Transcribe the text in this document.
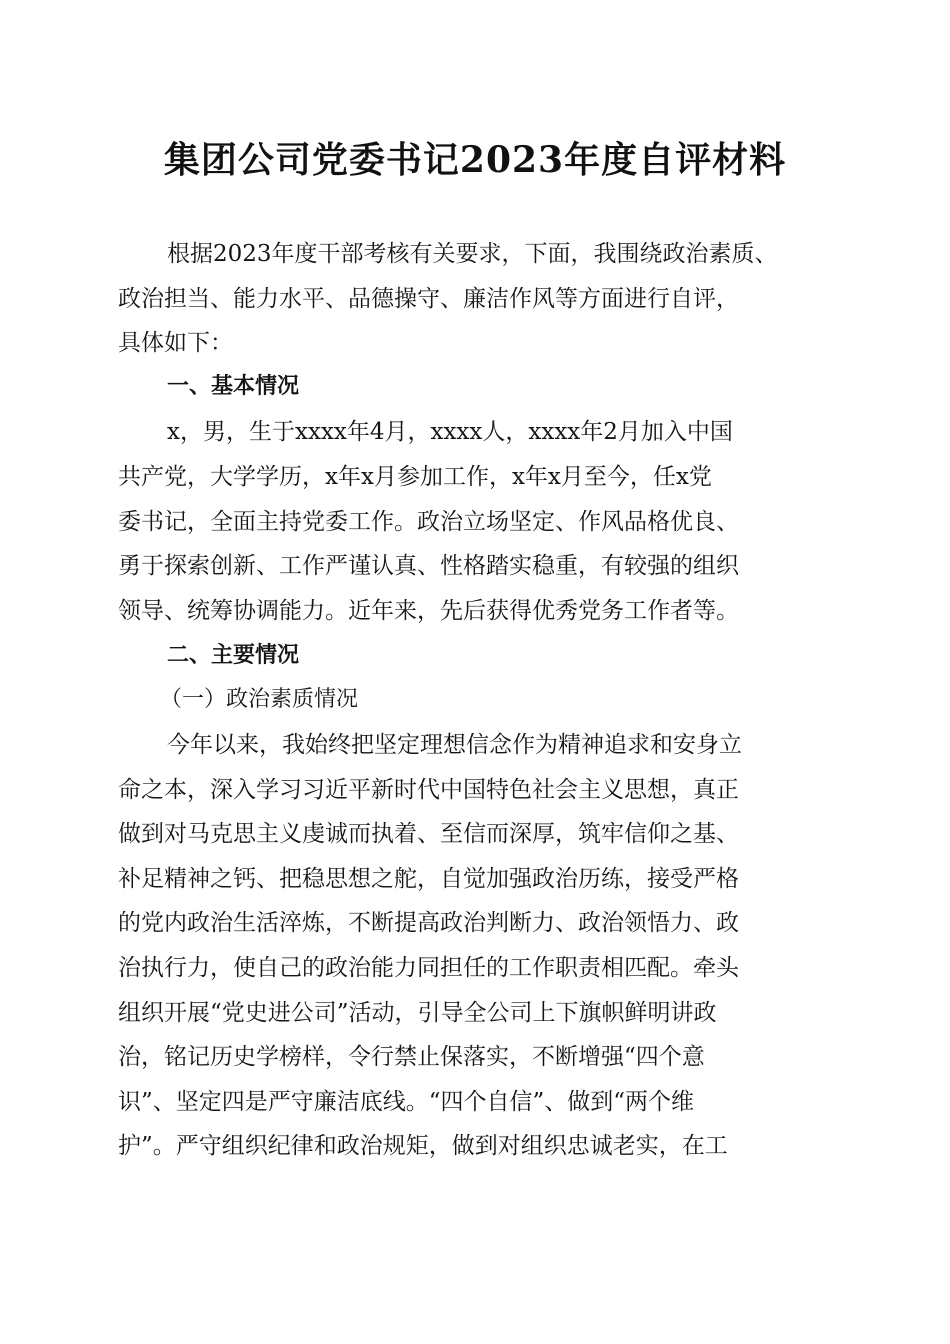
集团公司党委书记2023年度自评材料
根据2023年度干部考核有关要求，下面，我围绕政治素质、
政治担当、能力水平、品德操守、廉洁作风等方面进行自评，
具体如下：
一、基本情况
x，男，生于xxxx年4月，xxxx人，xxxx年2月加入中国
共产党，大学学历，x年x月参加工作，x年x月至今，任x党
委书记，全面主持党委工作。政治立场坚定、作风品格优良、
勇于探索创新、工作严谨认真、性格踏实稳重，有较强的组织
领导、统筹协调能力。近年来，先后获得优秀党务工作者等。
二、主要情况
（一）政治素质情况
今年以来，我始终把坚定理想信念作为精神追求和安身立
命之本，深入学习习近平新时代中国特色社会主义思想，真正
做到对马克思主义虔诚而执着、至信而深厚，筑牢信仰之基、
补足精神之钙、把稳思想之舵，自觉加强政治历练，接受严格
的党内政治生活淬炼，不断提高政治判断力、政治领悟力、政
治执行力，使自己的政治能力同担任的工作职责相匹配。牵头
组织开展“党史进公司”活动，引导全公司上下旗帜鲜明讲政
治，铭记历史学榜样，令行禁止保落实，不断增强“四个意
识”、坚定四是严守廉洁底线。“四个自信”、做到“两个维
护”。严守组织纪律和政治规矩，做到对组织忠诚老实，在工
